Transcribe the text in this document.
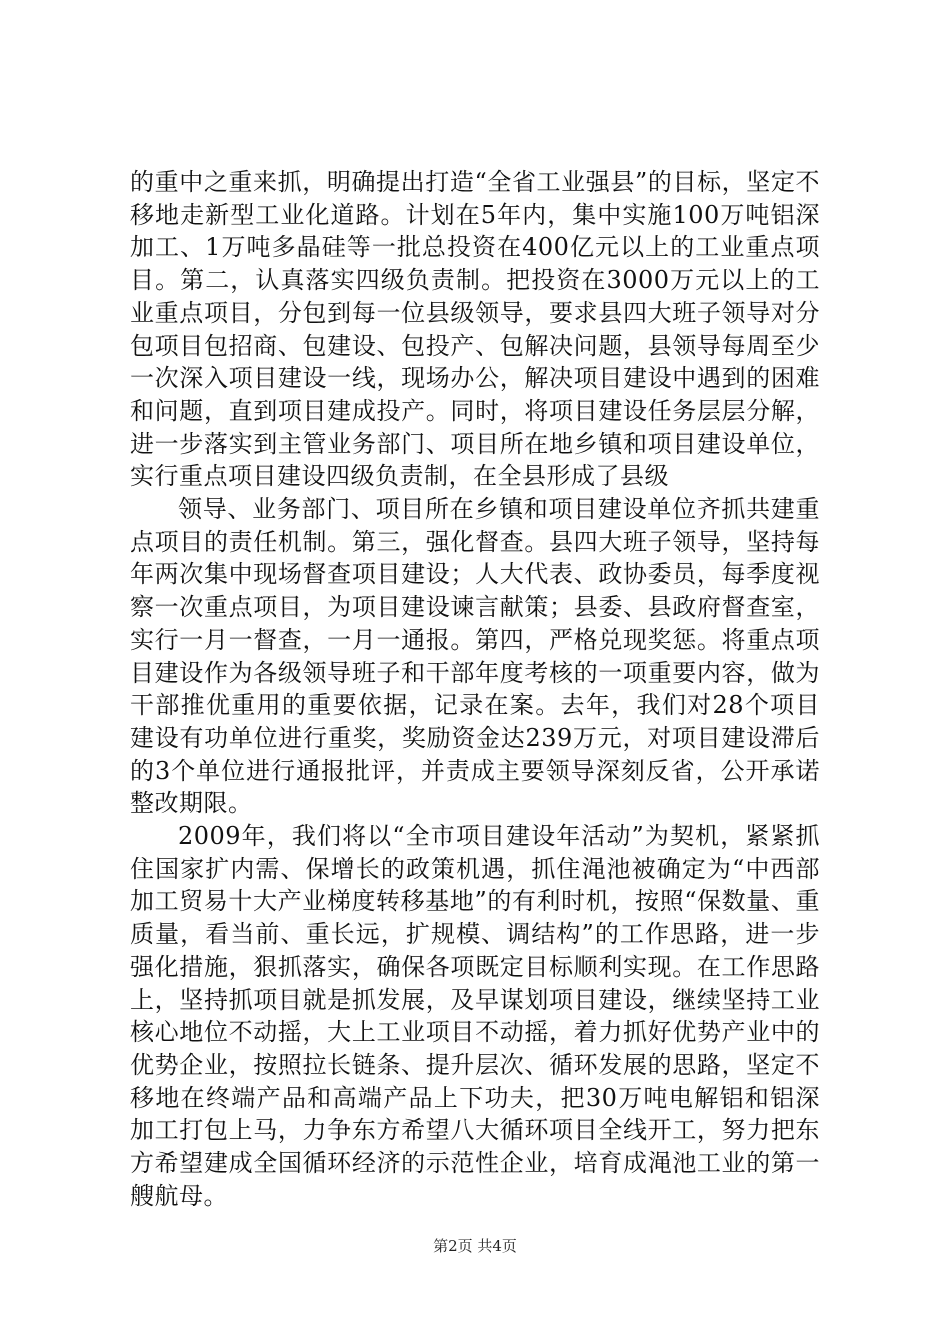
的重中之重来抓，明确提出打造“全省工业强县”的目标，坚定不移地走新型工业化道路。计划在5年内，集中实施100万吨铝深加工、1万吨多晶硅等一批总投资在400亿元以上的工业重点项目。第二，认真落实四级负责制。把投资在3000万元以上的工业重点项目，分包到每一位县级领导，要求县四大班子领导对分包项目包招商、包建设、包投产、包解决问题，县领导每周至少一次深入项目建设一线，现场办公，解决项目建设中遇到的困难和问题，直到项目建成投产。同时，将项目建设任务层层分解，进一步落实到主管业务部门、项目所在地乡镇和项目建设单位，实行重点项目建设四级负责制，在全县形成了县级

领导、业务部门、项目所在乡镇和项目建设单位齐抓共建重点项目的责任机制。第三，强化督查。县四大班子领导，坚持每年两次集中现场督查项目建设；人大代表、政协委员，每季度视察一次重点项目，为项目建设谏言献策；县委、县政府督查室，实行一月一督查，一月一通报。第四，严格兑现奖惩。将重点项目建设作为各级领导班子和干部年度考核的一项重要内容，做为干部推优重用的重要依据，记录在案。去年，我们对28个项目建设有功单位进行重奖，奖励资金达239万元，对项目建设滞后的3个单位进行通报批评，并责成主要领导深刻反省，公开承诺整改期限。

2009年，我们将以“全市项目建设年活动”为契机，紧紧抓住国家扩内需、保增长的政策机遇，抓住渑池被确定为“中西部加工贸易十大产业梯度转移基地”的有利时机，按照“保数量、重质量，看当前、重长远，扩规模、调结构”的工作思路，进一步强化措施，狠抓落实，确保各项既定目标顺利实现。在工作思路上，坚持抓项目就是抓发展，及早谋划项目建设，继续坚持工业核心地位不动摇，大上工业项目不动摇，着力抓好优势产业中的优势企业，按照拉长链条、提升层次、循环发展的思路，坚定不移地在终端产品和高端产品上下功夫，把30万吨电解铝和铝深加工打包上马，力争东方希望八大循环项目全线开工，努力把东方希望建成全国循环经济的示范性企业，培育成渑池工业的第一艘航母。

第2页 共4页
